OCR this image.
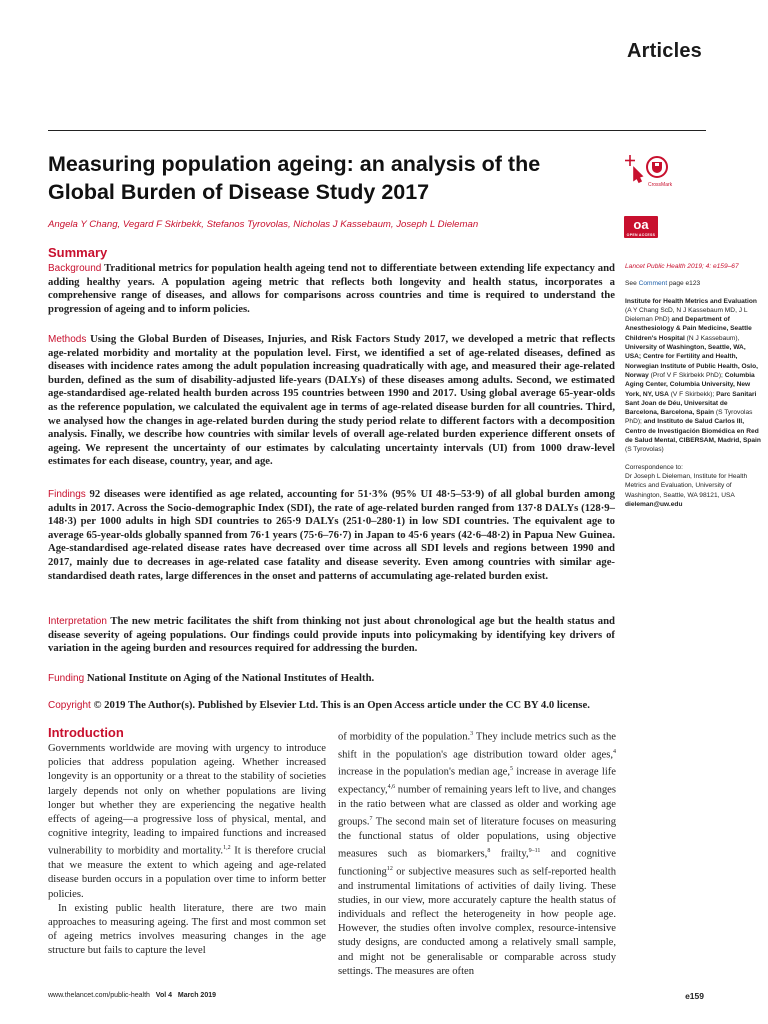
Articles
Measuring population ageing: an analysis of the Global Burden of Disease Study 2017
Angela Y Chang, Vegard F Skirbekk, Stefanos Tyrovolas, Nicholas J Kassebaum, Joseph L Dieleman
Summary
Background Traditional metrics for population health ageing tend not to differentiate between extending life expectancy and adding healthy years. A population ageing metric that reflects both longevity and health status, incorporates a comprehensive range of diseases, and allows for comparisons across countries and time is required to understand the progression of ageing and to inform policies.
Methods Using the Global Burden of Diseases, Injuries, and Risk Factors Study 2017, we developed a metric that reflects age-related morbidity and mortality at the population level. First, we identified a set of age-related diseases, defined as diseases with incidence rates among the adult population increasing quadratically with age, and measured their age-related burden, defined as the sum of disability-adjusted life-years (DALYs) of these diseases among adults. Second, we estimated age-standardised age-related health burden across 195 countries between 1990 and 2017. Using global average 65-year-olds as the reference population, we calculated the equivalent age in terms of age-related disease burden for all countries. Third, we analysed how the changes in age-related burden during the study period relate to different factors with a decomposition analysis. Finally, we describe how countries with similar levels of overall age-related burden experience different onsets of ageing. We represent the uncertainty of our estimates by calculating uncertainty intervals (UI) from 1000 draw-level estimates for each disease, country, year, and age.
Findings 92 diseases were identified as age related, accounting for 51·3% (95% UI 48·5–53·9) of all global burden among adults in 2017. Across the Socio-demographic Index (SDI), the rate of age-related burden ranged from 137·8 DALYs (128·9–148·3) per 1000 adults in high SDI countries to 265·9 DALYs (251·0–280·1) in low SDI countries. The equivalent age to average 65-year-olds globally spanned from 76·1 years (75·6–76·7) in Japan to 45·6 years (42·6–48·2) in Papua New Guinea. Age-standardised age-related disease rates have decreased over time across all SDI levels and regions between 1990 and 2017, mainly due to decreases in age-related case fatality and disease severity. Even among countries with similar age-standardised death rates, large differences in the onset and patterns of accumulating age-related burden exist.
Interpretation The new metric facilitates the shift from thinking not just about chronological age but the health status and disease severity of ageing populations. Our findings could provide inputs into policymaking by identifying key drivers of variation in the ageing burden and resources required for addressing the burden.
Funding National Institute on Aging of the National Institutes of Health.
Copyright © 2019 The Author(s). Published by Elsevier Ltd. This is an Open Access article under the CC BY 4.0 license.
CrossMark
oa
OPEN ACCESS
Lancet Public Health 2019; 4: e159–67
See Comment page e123
Institute for Health Metrics and Evaluation (A Y Chang ScD, N J Kassebaum MD, J L Dieleman PhD) and Department of Anesthesiology & Pain Medicine, Seattle Children's Hospital (N J Kassebaum), University of Washington, Seattle, WA, USA; Centre for Fertility and Health, Norwegian Institute of Public Health, Oslo, Norway (Prof V F Skirbekk PhD); Columbia Aging Center, Columbia University, New York, NY, USA (V F Skirbekk); Parc Sanitari Sant Joan de Déu, Universitat de Barcelona, Barcelona, Spain (S Tyrovolas PhD); and Instituto de Salud Carlos III, Centro de Investigación Biomédica en Red de Salud Mental, CIBERSAM, Madrid, Spain (S Tyrovolas)
Correspondence to:
Dr Joseph L Dieleman, Institute for Health Metrics and Evaluation, University of Washington, Seattle, WA 98121, USA
dieleman@uw.edu
Introduction

Governments worldwide are moving with urgency to introduce policies that address population ageing. Whether increased longevity is an opportunity or a threat to the stability of societies largely depends not only on whether populations are living longer but whether they are experiencing the negative health effects of ageing—a progressive loss of physical, mental, and cognitive integrity, leading to impaired functions and increased vulnerability to morbidity and mortality.$^{1,2}$ It is therefore crucial that we measure the extent to which ageing and age-related disease burden occurs in a population over time to inform better policies.

In existing public health literature, there are two main approaches to measuring ageing. The first and most common set of ageing metrics involves measuring changes in the age structure but fails to capture the level

of morbidity of the population.$^3$ They include metrics such as the shift in the population's age distribution toward older ages,$^4$ increase in the population's median age,$^5$ increase in average life expectancy,$^{4,6}$ number of remaining years left to live, and changes in the ratio between what are classed as older and working age groups.$^7$ The second main set of literature focuses on measuring the functional status of older populations, using objective measures such as biomarkers,$^8$ frailty,$^{9-11}$ and cognitive functioning$^{12}$ or subjective measures such as self-reported health and instrumental limitations of activities of daily living. These studies, in our view, more accurately capture the health status of individuals and reflect the heterogeneity in how people age. However, the studies often involve complex, resource-intensive study designs, are conducted among a relatively small sample, and might not be generalisable or comparable across study settings. The measures are often

www.thelancet.com/public-health Vol 4 March 2019	e159
